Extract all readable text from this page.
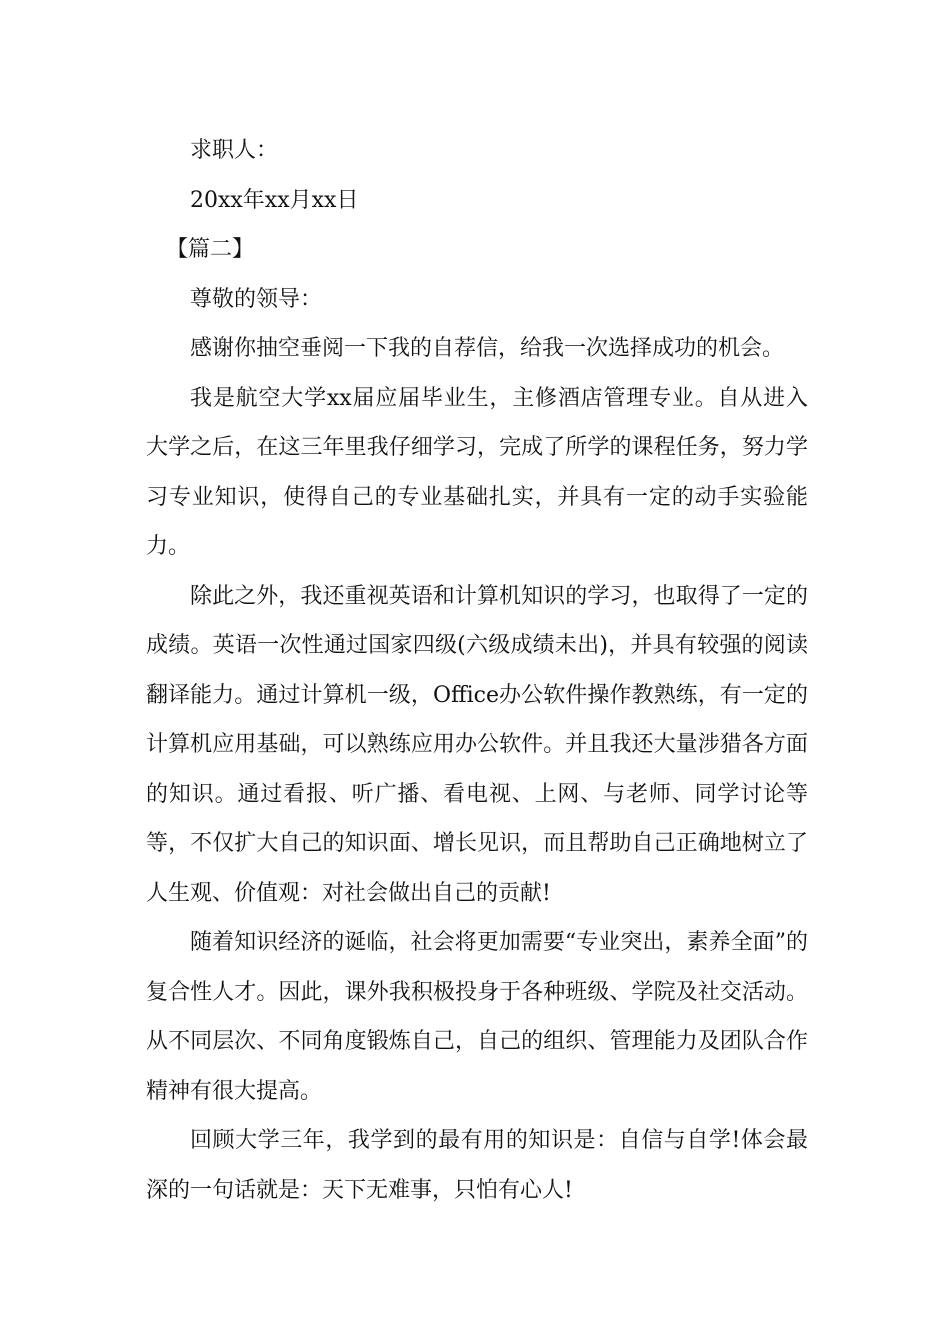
求职人：

20xx年xx月xx日

【篇二】

尊敬的领导：

感谢你抽空垂阅一下我的自荐信，给我一次选择成功的机会。

我是航空大学xx届应届毕业生，主修酒店管理专业。自从进入大学之后，在这三年里我仔细学习，完成了所学的课程任务，努力学习专业知识，使得自己的专业基础扎实，并具有一定的动手实验能力。

除此之外，我还重视英语和计算机知识的学习，也取得了一定的成绩。英语一次性通过国家四级(六级成绩未出)，并具有较强的阅读翻译能力。通过计算机一级，Office办公软件操作教熟练，有一定的计算机应用基础，可以熟练应用办公软件。并且我还大量涉猎各方面的知识。通过看报、听广播、看电视、上网、与老师、同学讨论等等，不仅扩大自己的知识面、增长见识，而且帮助自己正确地树立了人生观、价值观：对社会做出自己的贡献!

随着知识经济的诞临，社会将更加需要“专业突出，素养全面”的复合性人才。因此，课外我积极投身于各种班级、学院及社交活动。从不同层次、不同角度锻炼自己，自己的组织、管理能力及团队合作精神有很大提高。

回顾大学三年，我学到的最有用的知识是：自信与自学!体会最深的一句话就是：天下无难事，只怕有心人!
